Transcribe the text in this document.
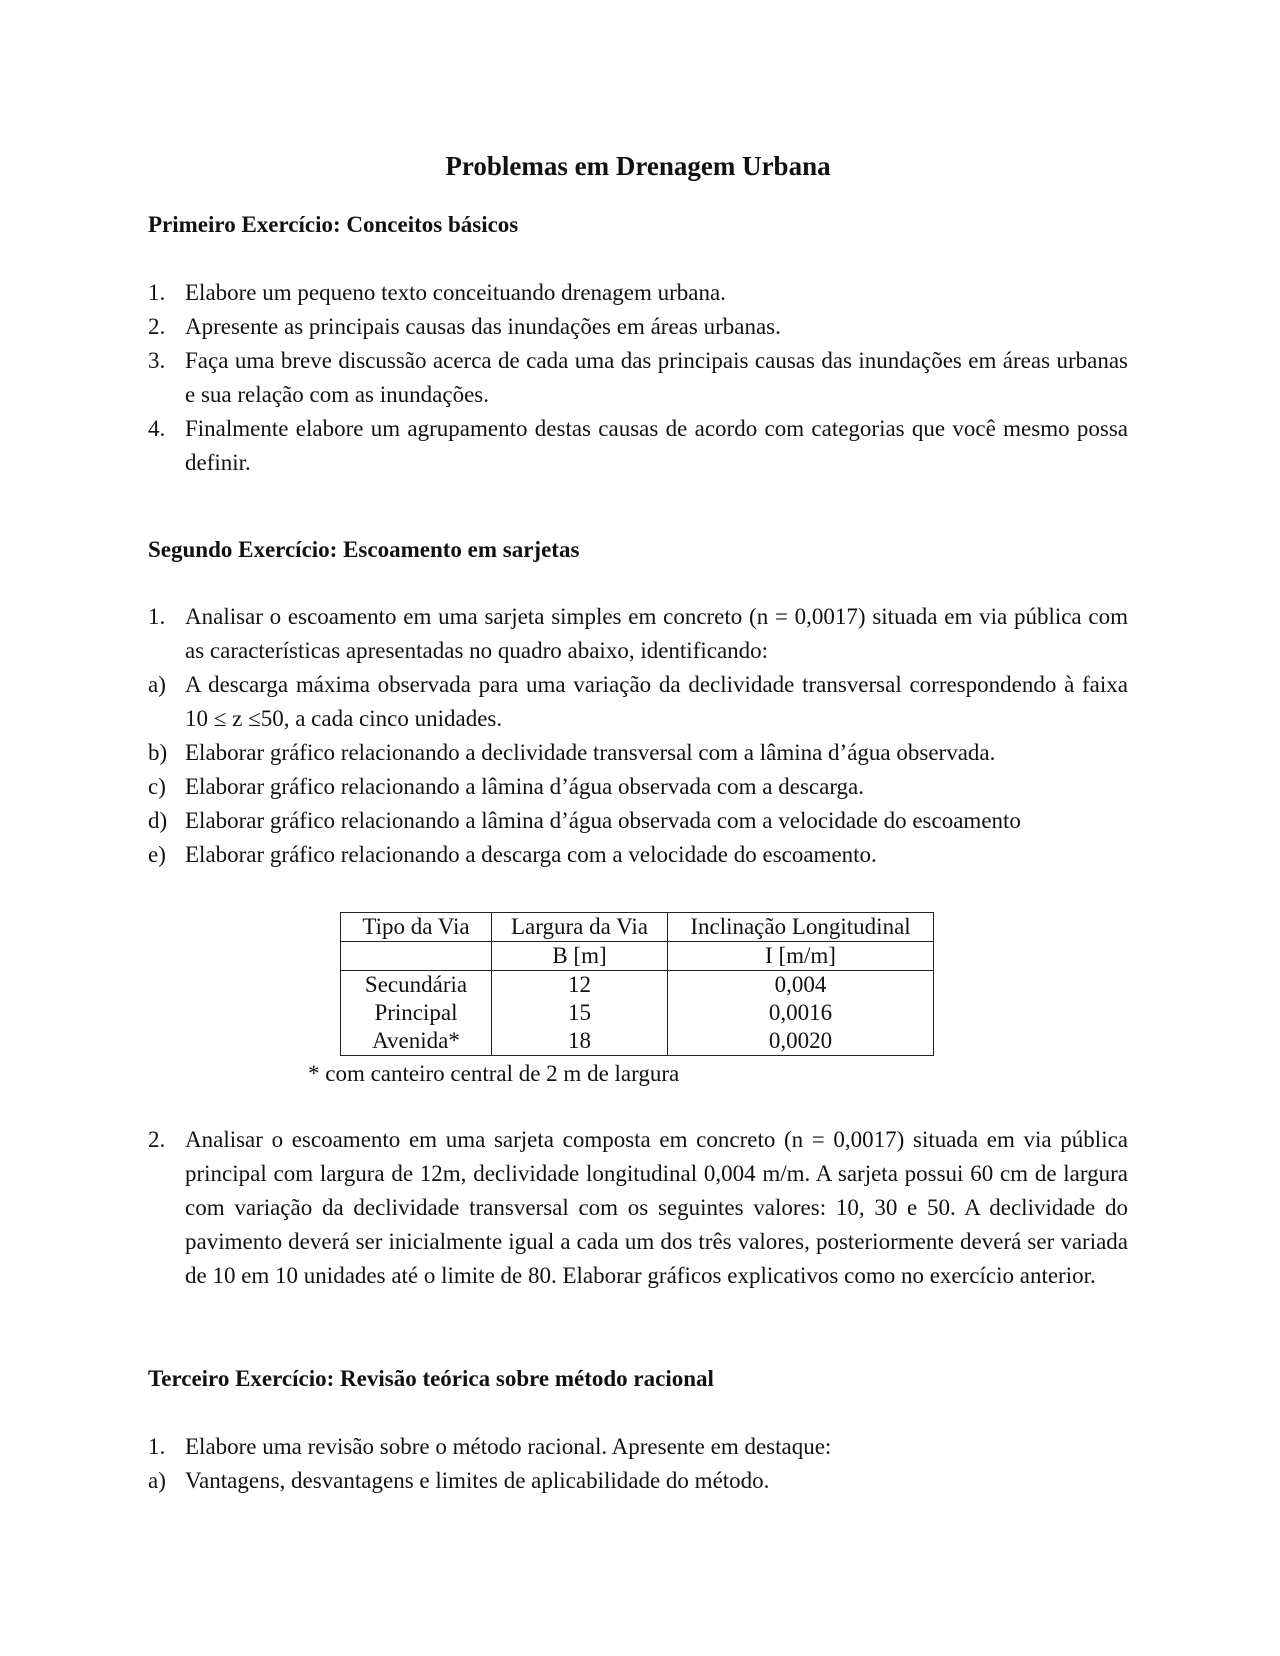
Problemas em Drenagem Urbana
Primeiro Exercício: Conceitos básicos
1. Elabore um pequeno texto conceituando drenagem urbana.
2. Apresente as principais causas das inundações em áreas urbanas.
3. Faça uma breve discussão acerca de cada uma das principais causas das inundações em áreas urbanas e sua relação com as inundações.
4. Finalmente elabore um agrupamento destas causas de acordo com categorias que você mesmo possa definir.
Segundo Exercício: Escoamento em sarjetas
1. Analisar o escoamento em uma sarjeta simples em concreto (n = 0,0017) situada em via pública com as características apresentadas no quadro abaixo, identificando:
a) A descarga máxima observada para uma variação da declividade transversal correspondendo à faixa 10 ≤ z ≤50, a cada cinco unidades.
b) Elaborar gráfico relacionando a declividade transversal com a lâmina d’água observada.
c) Elaborar gráfico relacionando a lâmina d’água observada com a descarga.
d) Elaborar gráfico relacionando a lâmina d’água observada com a velocidade do escoamento
e) Elaborar gráfico relacionando a descarga com a velocidade do escoamento.
Tipo da Via	Largura da Via	Inclinação Longitudinal
	B [m]	I [m/m]
Secundária	12	0,004
Principal	15	0,0016
Avenida*	18	0,0020
* com canteiro central de 2 m de largura
2. Analisar o escoamento em uma sarjeta composta em concreto (n = 0,0017) situada em via pública principal com largura de 12m, declividade longitudinal 0,004 m/m. A sarjeta possui 60 cm de largura com variação da declividade transversal com os seguintes valores: 10, 30 e 50. A declividade do pavimento deverá ser inicialmente igual a cada um dos três valores, posteriormente deverá ser variada de 10 em 10 unidades até o limite de 80. Elaborar gráficos explicativos como no exercício anterior.
Terceiro Exercício: Revisão teórica sobre método racional
1. Elabore uma revisão sobre o método racional. Apresente em destaque:
a) Vantagens, desvantagens e limites de aplicabilidade do método.
